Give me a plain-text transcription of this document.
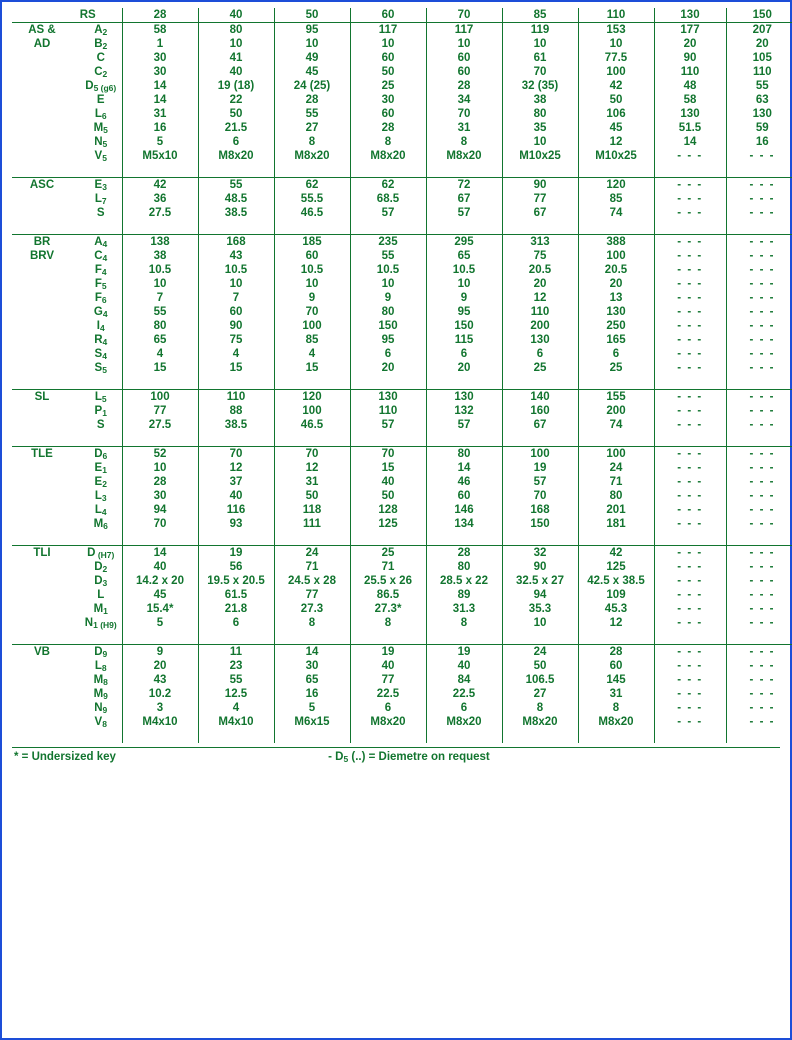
	RS	28	40	50	60	70	85	110	130	150
AS &	$A_2$	58	80	95	117	117	119	153	177	207
AD	$B_2$	1	10	10	10	10	10	10	20	20
	C	30	41	49	60	60	61	77.5	90	105
	$C_2$	30	40	45	50	60	70	100	110	110
	$D_5$ (g6)	14	19 (18)	24 (25)	25	28	32 (35)	42	48	55
	E	14	22	28	30	34	38	50	58	63
	$L_6$	31	50	55	60	70	80	106	130	130
	$M_5$	16	21.5	27	28	31	35	45	51.5	59
	$N_5$	5	6	8	8	8	10	12	14	16
	$V_5$	M5x10	M8x20	M8x20	M8x20	M8x20	M10x25	M10x25	- - -	- - -

ASC	$E_3$	42	55	62	62	72	90	120	- - -	- - -
	$L_7$	36	48.5	55.5	68.5	67	77	85	- - -	- - -
	S	27.5	38.5	46.5	57	57	67	74	- - -	- - -

BR	$A_4$	138	168	185	235	295	313	388	- - -	- - -
BRV	$C_4$	38	43	60	55	65	75	100	- - -	- - -
	$F_4$	10.5	10.5	10.5	10.5	10.5	20.5	20.5	- - -	- - -
	$F_5$	10	10	10	10	10	20	20	- - -	- - -
	$F_6$	7	7	9	9	9	12	13	- - -	- - -
	$G_4$	55	60	70	80	95	110	130	- - -	- - -
	$I_4$	80	90	100	150	150	200	250	- - -	- - -
	$R_4$	65	75	85	95	115	130	165	- - -	- - -
	$S_4$	4	4	4	6	6	6	6	- - -	- - -
	$S_5$	15	15	15	20	20	25	25	- - -	- - -

SL	$L_5$	100	110	120	130	130	140	155	- - -	- - -
	$P_1$	77	88	100	110	132	160	200	- - -	- - -
	S	27.5	38.5	46.5	57	57	67	74	- - -	- - -

TLE	$D_6$	52	70	70	70	80	100	100	- - -	- - -
	$E_1$	10	12	12	15	14	19	24	- - -	- - -
	$E_2$	28	37	31	40	46	57	71	- - -	- - -
	$L_3$	30	40	50	50	60	70	80	- - -	- - -
	$L_4$	94	116	118	128	146	168	201	- - -	- - -
	$M_6$	70	93	111	125	134	150	181	- - -	- - -

TLI	D (H7)	14	19	24	25	28	32	42	- - -	- - -
	$D_2$	40	56	71	71	80	90	125	- - -	- - -
	$D_3$	14.2 x 20	19.5 x 20.5	24.5 x 28	25.5 x 26	28.5 x 22	32.5 x 27	42.5 x 38.5	- - -	- - -
	L	45	61.5	77	86.5	89	94	109	- - -	- - -
	$M_1$	15.4*	21.8	27.3	27.3*	31.3	35.3	45.3	- - -	- - -
	$N_1$ (H9)	5	6	8	8	8	10	12	- - -	- - -

VB	$D_9$	9	11	14	19	19	24	28	- - -	- - -
	$L_8$	20	23	30	40	40	50	60	- - -	- - -
	$M_8$	43	55	65	77	84	106.5	145	- - -	- - -
	$M_9$	10.2	12.5	16	22.5	22.5	27	31	- - -	- - -
	$N_9$	3	4	5	6	6	8	8	- - -	- - -
	$V_8$	M4x10	M4x10	M6x15	M8x20	M8x20	M8x20	M8x20	- - -	- - -

* = Undersized key	- $D_5$ (..) = Diemetre on request
